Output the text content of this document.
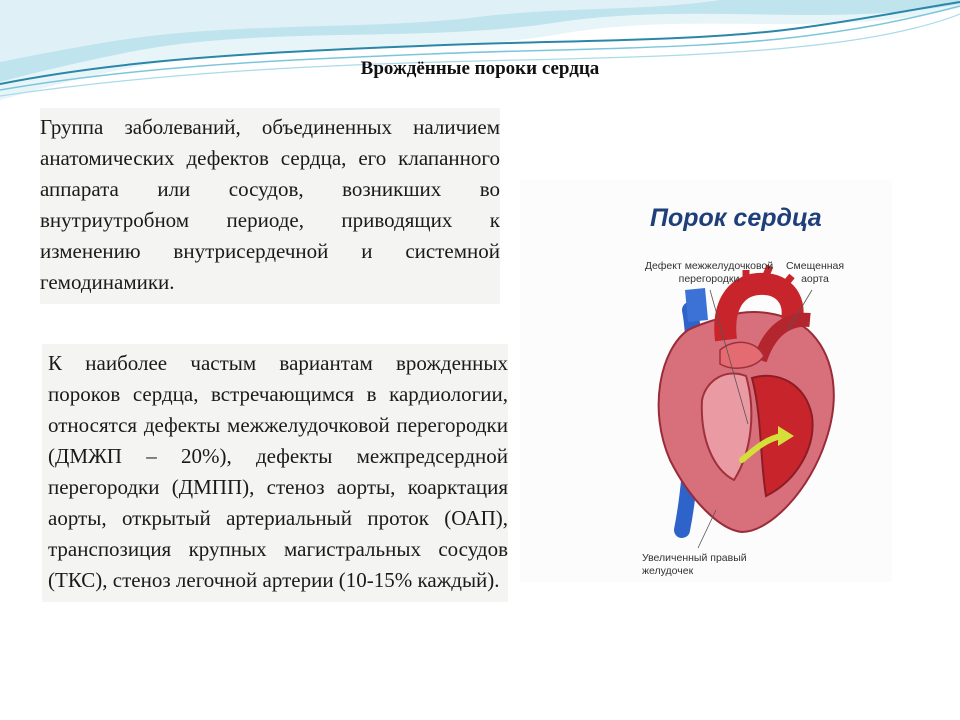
Врождённые пороки сердца

Группа заболеваний, объединенных наличием анатомических дефектов сердца, его клапанного аппарата или сосудов, возникших во внутриутробном периоде, приводящих к изменению внутрисердечной и системной гемодинамики.

К наиболее частым вариантам врожденных пороков сердца, встречающимся в кардиологии, относятся дефекты межжелудочковой перегородки (ДМЖП – 20%), дефекты межпредсердной перегородки (ДМПП), стеноз аорты, коарктация аорты, открытый артериальный проток (ОАП), транспозиция крупных магистральных сосудов (ТКС), стеноз легочной артерии (10-15% каждый).
Порок сердца
Дефект межжелудочковой перегородки
Смещенная аорта
Увеличенный правый желудочек
